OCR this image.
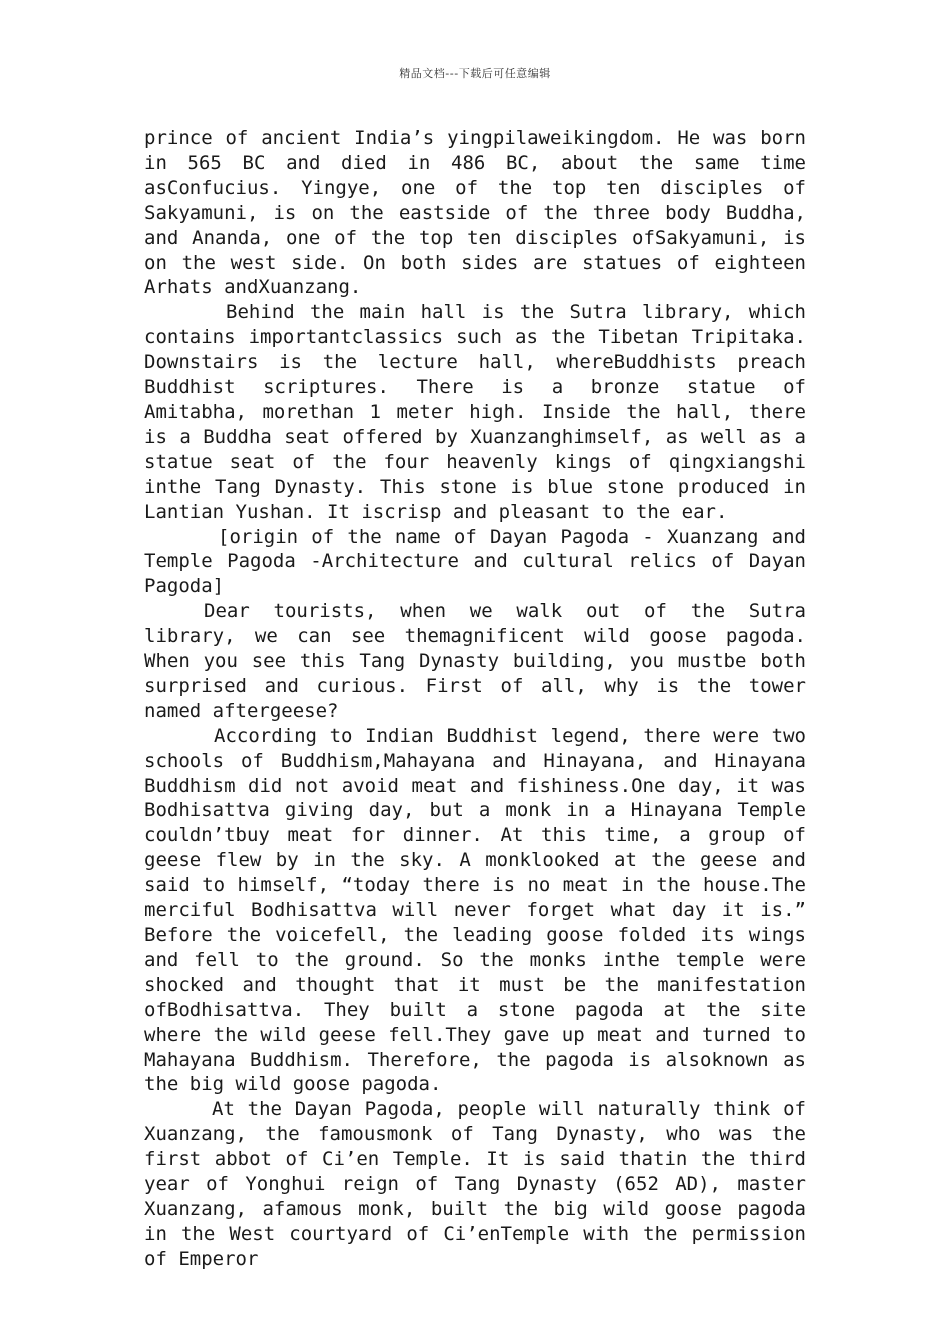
精品文档---下载后可任意编辑

prince of ancient India’s yingpilaweikingdom. He was born in 565 BC and died in 486 BC, about the same time asConfucius. Yingye, one of the top ten disciples of Sakyamuni, is on the eastside of the three body Buddha, and Ananda, one of the top ten disciples ofSakyamuni, is on the west side. On both sides are statues of eighteen Arhats andXuanzang.

Behind the main hall is the Sutra library, which contains importantclassics such as the Tibetan Tripitaka. Downstairs is the lecture hall, whereBuddhists preach Buddhist scriptures. There is a bronze statue of Amitabha, morethan 1 meter high. Inside the hall, there is a Buddha seat offered by Xuanzanghimself, as well as a statue seat of the four heavenly kings of qingxiangshi inthe Tang Dynasty. This stone is blue stone produced in Lantian Yushan. It iscrisp and pleasant to the ear.

[origin of the name of Dayan Pagoda - Xuanzang and Temple Pagoda -Architecture and cultural relics of Dayan Pagoda]

Dear tourists, when we walk out of the Sutra library, we can see themagnificent wild goose pagoda. When you see this Tang Dynasty building, you mustbe both surprised and curious. First of all, why is the tower named aftergeese?

According to Indian Buddhist legend, there were two schools of Buddhism,Mahayana and Hinayana, and Hinayana Buddhism did not avoid meat and fishiness.One day, it was Bodhisattva giving day, but a monk in a Hinayana Temple couldn’tbuy meat for dinner. At this time, a group of geese flew by in the sky. A monklooked at the geese and said to himself, “today there is no meat in the house.The merciful Bodhisattva will never forget what day it is.” Before the voicefell, the leading goose folded its wings and fell to the ground. So the monks inthe temple were shocked and thought that it must be the manifestation ofBodhisattva. They built a stone pagoda at the site where the wild geese fell.They gave up meat and turned to Mahayana Buddhism. Therefore, the pagoda is alsoknown as the big wild goose pagoda.

At the Dayan Pagoda, people will naturally think of Xuanzang, the famousmonk of Tang Dynasty, who was the first abbot of Ci’en Temple. It is said thatin the third year of Yonghui reign of Tang Dynasty (652 AD), master Xuanzang, afamous monk, built the big wild goose pagoda in the West courtyard of Ci’enTemple with the permission of Emperor
